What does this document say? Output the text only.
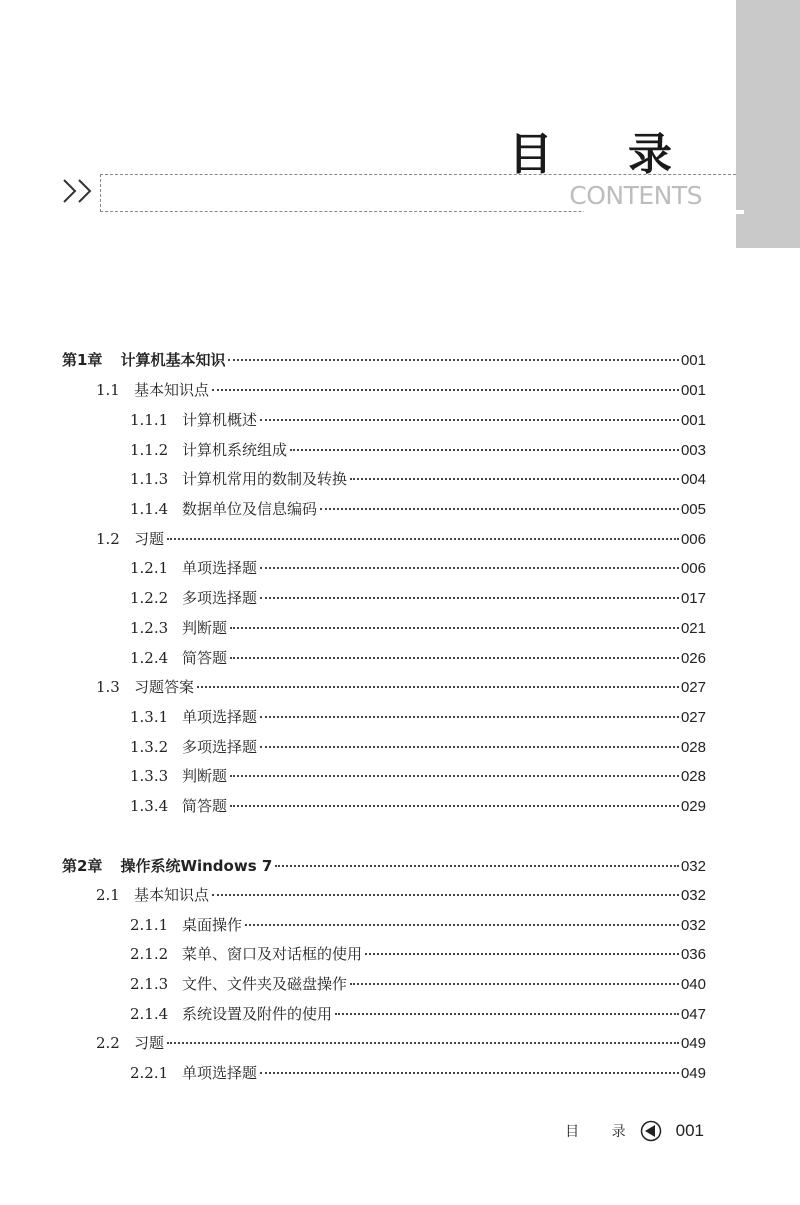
目 录
CONTENTS
第1章 计算机基本知识	001
1.1 基本知识点	001
1.1.1 计算机概述	001
1.1.2 计算机系统组成	003
1.1.3 计算机常用的数制及转换	004
1.1.4 数据单位及信息编码	005
1.2 习题	006
1.2.1 单项选择题	006
1.2.2 多项选择题	017
1.2.3 判断题	021
1.2.4 简答题	026
1.3 习题答案	027
1.3.1 单项选择题	027
1.3.2 多项选择题	028
1.3.3 判断题	028
1.3.4 简答题	029
第2章 操作系统Windows 7	032
2.1 基本知识点	032
2.1.1 桌面操作	032
2.1.2 菜单、窗口及对话框的使用	036
2.1.3 文件、文件夹及磁盘操作	040
2.1.4 系统设置及附件的使用	047
2.2 习题	049
2.2.1 单项选择题	049
目 录 001
